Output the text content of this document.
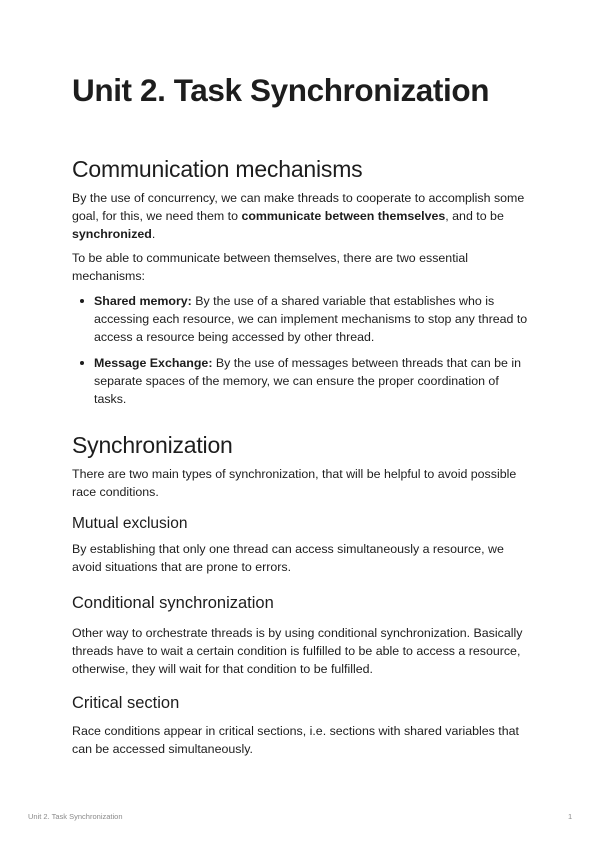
Unit 2. Task Synchronization
Communication mechanisms

By the use of concurrency, we can make threads to cooperate to accomplish some goal, for this, we need them to communicate between themselves, and to be synchronized.

To be able to communicate between themselves, there are two essential mechanisms:

Shared memory: By the use of a shared variable that establishes who is accessing each resource, we can implement mechanisms to stop any thread to access a resource being accessed by other thread.
Message Exchange: By the use of messages between threads that can be in separate spaces of the memory, we can ensure the proper coordination of tasks.
Synchronization

There are two main types of synchronization, that will be helpful to avoid possible race conditions.

Mutual exclusion

By establishing that only one thread can access simultaneously a resource, we avoid situations that are prone to errors.

Conditional synchronization

Other way to orchestrate threads is by using conditional synchronization. Basically threads have to wait a certain condition is fulfilled to be able to access a resource, otherwise, they will wait for that condition to be fulfilled.

Critical section

Race conditions appear in critical sections, i.e. sections with shared variables that can be accessed simultaneously.

Unit 2. Task Synchronization	1
